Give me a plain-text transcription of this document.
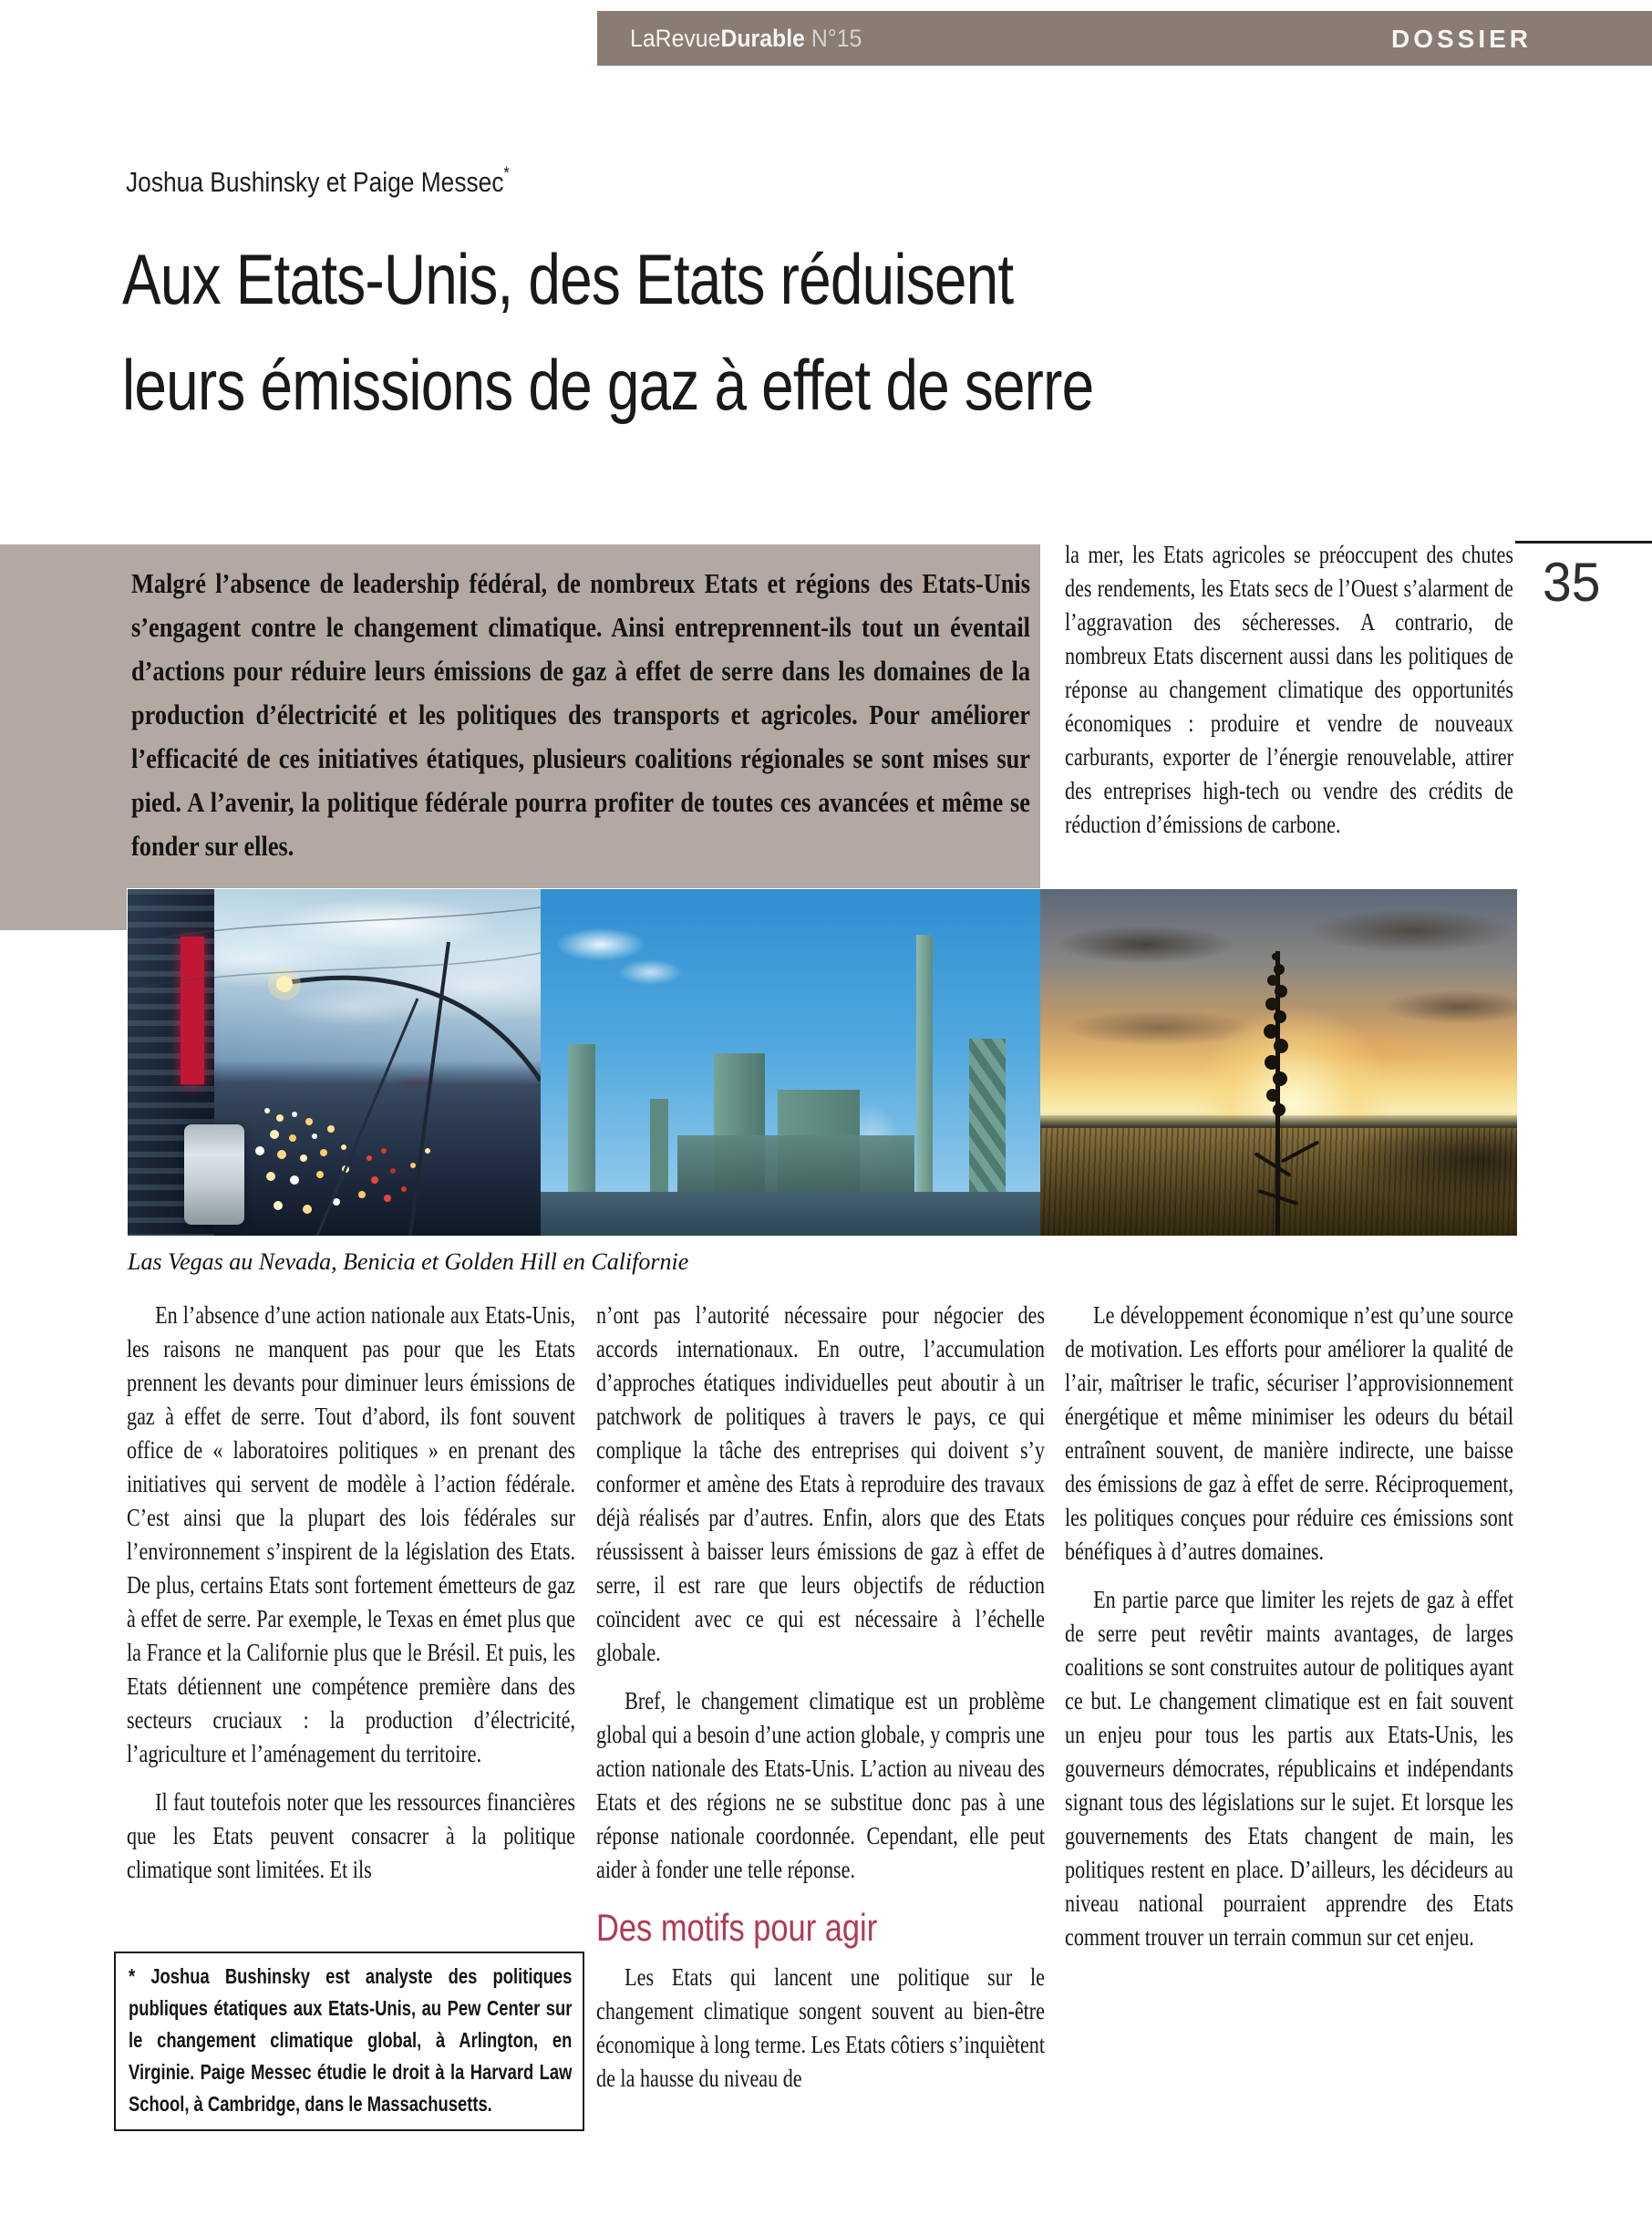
LaRevueDurable N°15	DOSSIER
Joshua Bushinsky et Paige Messec*
Aux Etats-Unis, des Etats réduisent
leurs émissions de gaz à effet de serre
Malgré l’absence de leadership fédéral, de nombreux Etats et régions des Etats-Unis s’engagent contre le changement climatique. Ainsi entreprennent-ils tout un éventail d’actions pour réduire leurs émissions de gaz à effet de serre dans les domaines de la production d’électricité et les politiques des transports et agricoles. Pour améliorer l’efficacité de ces initiatives étatiques, plusieurs coalitions régionales se sont mises sur pied. A l’avenir, la politique fédérale pourra profiter de toutes ces avancées et même se fonder sur elles.

la mer, les Etats agricoles se préoccupent des chutes des rendements, les Etats secs de l’Ouest s’alarment de l’aggravation des sécheresses. A contrario, de nombreux Etats discernent aussi dans les politiques de réponse au changement climatique des opportunités économiques : produire et vendre de nouveaux carburants, exporter de l’énergie renouvelable, attirer des entreprises high-tech ou vendre des crédits de réduction d’émissions de carbone.

35
Las Vegas au Nevada, Benicia et Golden Hill en Californie

En l’absence d’une action nationale aux Etats-Unis, les raisons ne manquent pas pour que les Etats prennent les devants pour diminuer leurs émissions de gaz à effet de serre. Tout d’abord, ils font souvent office de « laboratoires politiques » en prenant des initiatives qui servent de modèle à l’action fédérale. C’est ainsi que la plupart des lois fédérales sur l’environnement s’inspirent de la législation des Etats. De plus, certains Etats sont fortement émetteurs de gaz à effet de serre. Par exemple, le Texas en émet plus que la France et la Californie plus que le Brésil. Et puis, les Etats détiennent une compétence première dans des secteurs cruciaux : la production d’électricité, l’agriculture et l’aménagement du territoire.

Il faut toutefois noter que les ressources financières que les Etats peuvent consacrer à la politique climatique sont limitées. Et ils

n’ont pas l’autorité nécessaire pour négocier des accords internationaux. En outre, l’accumulation d’approches étatiques individuelles peut aboutir à un patchwork de politiques à travers le pays, ce qui complique la tâche des entreprises qui doivent s’y conformer et amène des Etats à reproduire des travaux déjà réalisés par d’autres. Enfin, alors que des Etats réussissent à baisser leurs émissions de gaz à effet de serre, il est rare que leurs objectifs de réduction coïncident avec ce qui est nécessaire à l’échelle globale.

Bref, le changement climatique est un problème global qui a besoin d’une action globale, y compris une action nationale des Etats-Unis. L’action au niveau des Etats et des régions ne se substitue donc pas à une réponse nationale coordonnée. Cependant, elle peut aider à fonder une telle réponse.

Des motifs pour agir

Les Etats qui lancent une politique sur le changement climatique songent souvent au bien-être économique à long terme. Les Etats côtiers s’inquiètent de la hausse du niveau de

Le développement économique n’est qu’une source de motivation. Les efforts pour améliorer la qualité de l’air, maîtriser le trafic, sécuriser l’approvisionnement énergétique et même minimiser les odeurs du bétail entraînent souvent, de manière indirecte, une baisse des émissions de gaz à effet de serre. Réciproquement, les politiques conçues pour réduire ces émissions sont bénéfiques à d’autres domaines.

En partie parce que limiter les rejets de gaz à effet de serre peut revêtir maints avantages, de larges coalitions se sont construites autour de politiques ayant ce but. Le changement climatique est en fait souvent un enjeu pour tous les partis aux Etats-Unis, les gouverneurs démocrates, républicains et indépendants signant tous des législations sur le sujet. Et lorsque les gouvernements des Etats changent de main, les politiques restent en place. D’ailleurs, les décideurs au niveau national pourraient apprendre des Etats comment trouver un terrain commun sur cet enjeu.

* Joshua Bushinsky est analyste des politiques publiques étatiques aux Etats-Unis, au Pew Center sur le changement climatique global, à Arlington, en Virginie. Paige Messec étudie le droit à la Harvard Law School, à Cambridge, dans le Massachusetts.
